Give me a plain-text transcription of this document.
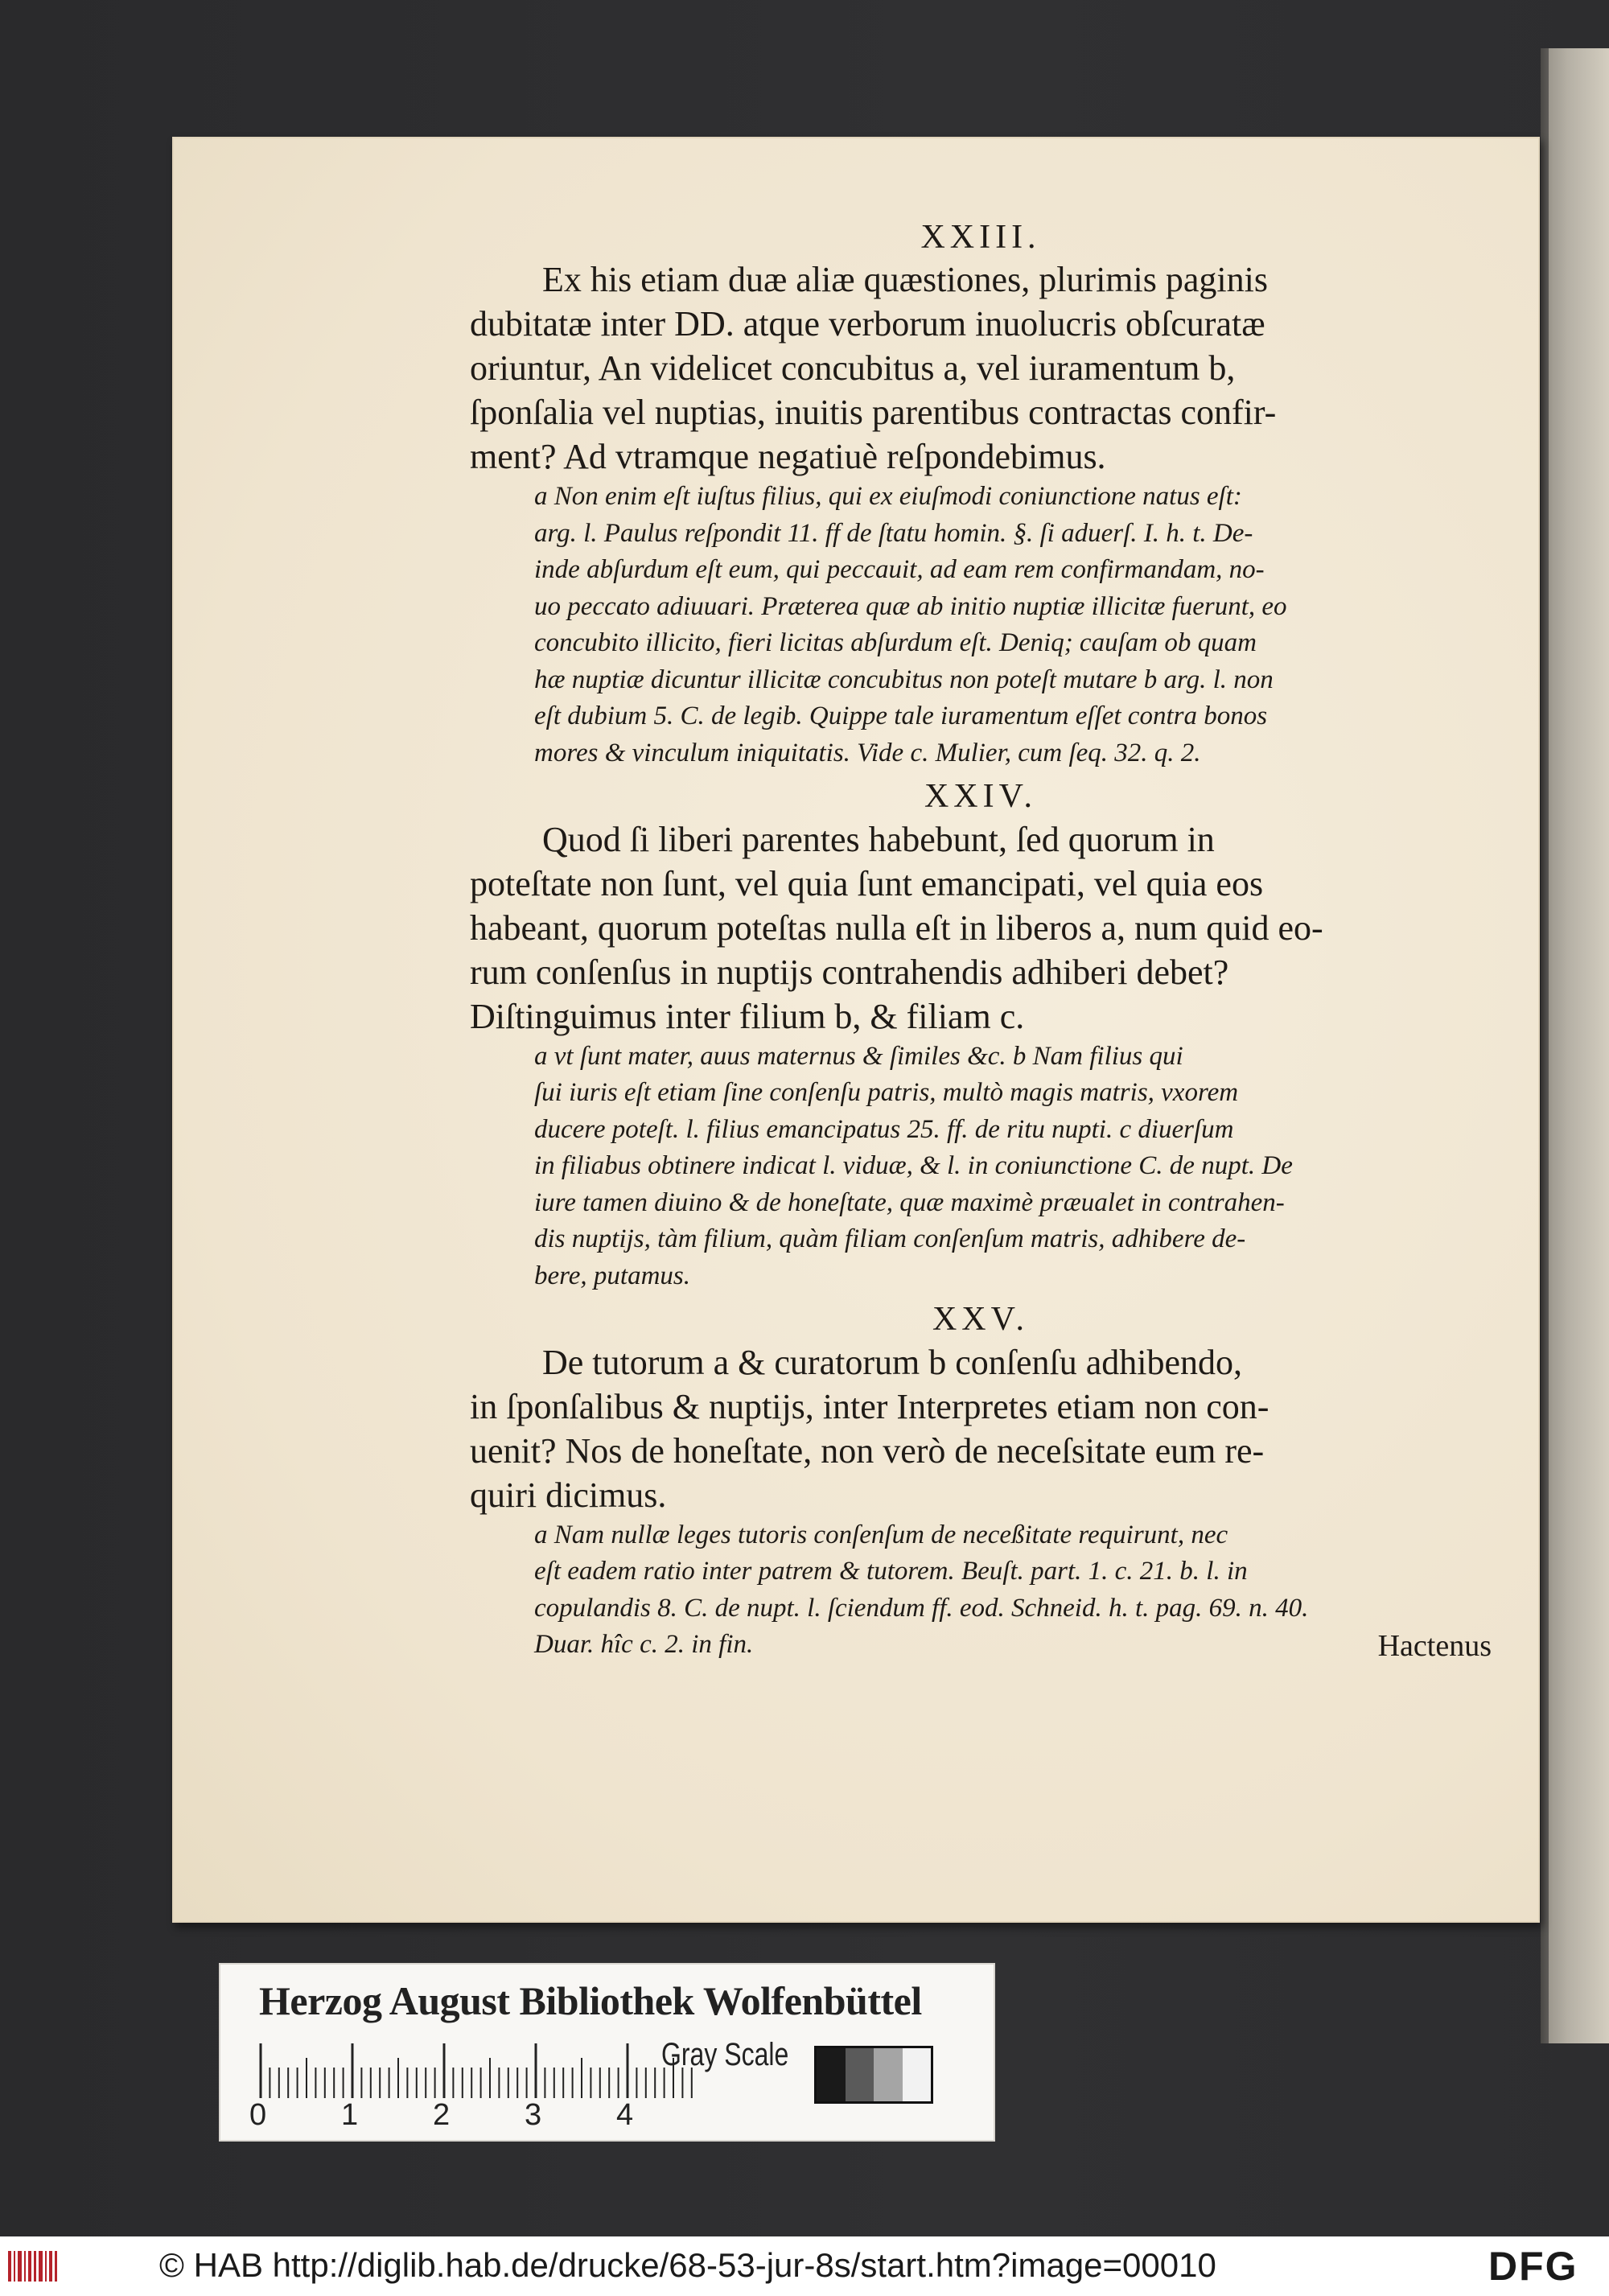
XXIII.
Ex his etiam duæ aliæ quæstiones, plurimis paginis
dubitatæ inter DD. atque verborum inuolucris obſcuratæ
oriuntur, An videlicet concubitus a, vel iuramentum b,
ſponſalia vel nuptias, inuitis parentibus contractas confir-
ment? Ad vtramque negatiuè reſpondebimus.
a Non enim eſt iuſtus filius, qui ex eiuſmodi coniunctione natus eſt:
arg. l. Paulus reſpondit 11. ff de ſtatu homin. §. ſi aduerſ. I. h. t. De-
inde abſurdum eſt eum, qui peccauit, ad eam rem confirmandam, no-
uo peccato adiuuari. Præterea quæ ab initio nuptiæ illicitæ fuerunt, eo
concubito illicito, fieri licitas abſurdum eſt. Deniq; cauſam ob quam
hæ nuptiæ dicuntur illicitæ concubitus non poteſt mutare b arg. l. non
eſt dubium 5. C. de legib. Quippe tale iuramentum eſſet contra bonos
mores & vinculum iniquitatis. Vide c. Mulier, cum ſeq. 32. q. 2.
XXIV.
Quod ſi liberi parentes habebunt, ſed quorum in
poteſtate non ſunt, vel quia ſunt emancipati, vel quia eos
habeant, quorum poteſtas nulla eſt in liberos a, num quid eo-
rum conſenſus in nuptijs contrahendis adhiberi debet?
Diſtinguimus inter filium b, & filiam c.
a vt ſunt mater, auus maternus & ſimiles &c. b Nam filius qui
ſui iuris eſt etiam ſine conſenſu patris, multò magis matris, vxorem
ducere poteſt. l. filius emancipatus 25. ff. de ritu nupti. c diuerſum
in filiabus obtinere indicat l. viduæ, & l. in coniunctione C. de nupt. De
iure tamen diuino & de honeſtate, quæ maximè præualet in contrahen-
dis nuptijs, tàm filium, quàm filiam conſenſum matris, adhibere de-
bere, putamus.
XXV.
De tutorum a & curatorum b conſenſu adhibendo,
in ſponſalibus & nuptijs, inter Interpretes etiam non con-
uenit? Nos de honeſtate, non verò de neceſsitate eum re-
quiri dicimus.
a Nam nullæ leges tutoris conſenſum de neceßitate requirunt, nec
eſt eadem ratio inter patrem & tutorem. Beuſt. part. 1. c. 21. b. l. in
copulandis 8. C. de nupt. l. ſciendum ff. eod. Schneid. h. t. pag. 69. n. 40.
Duar. hîc c. 2. in fin.	Hactenus
Herzog August Bibliothek Wolfenbüttel
0 1 2 3 4
Gray Scale
© HAB http://diglib.hab.de/drucke/68-53-jur-8s/start.htm?image=00010	DFG
